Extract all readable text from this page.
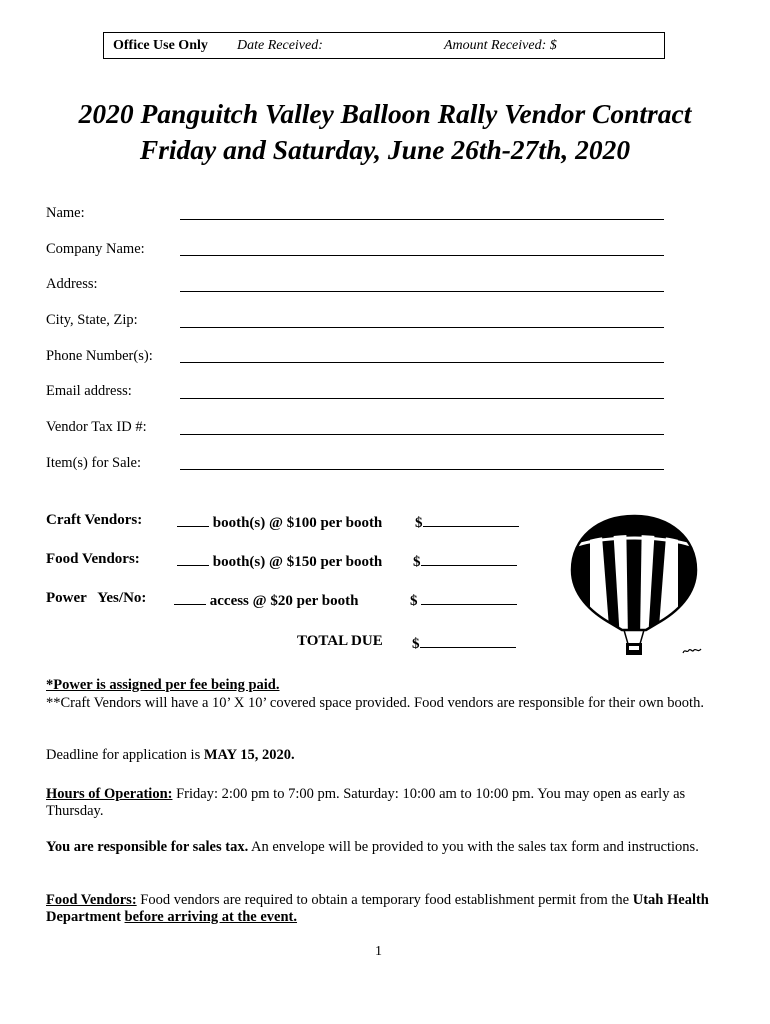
Office Use Only Date Received:	Amount Received: $
2020 Panguitch Valley Balloon Rally Vendor Contract
Friday and Saturday, June 26th-27th, 2020
Name:
Company Name:
Address:
City, State, Zip:
Phone Number(s):
Email address:
Vendor Tax ID #:
Item(s) for Sale:
Craft Vendors:	booth(s) @ $100 per booth $
Food Vendors:	booth(s) @ $150 per booth $
Power   Yes/No:	access @ $20 per booth	$
TOTAL DUE $
*Power is assigned per fee being paid.
**Craft Vendors will have a 10’ X 10’ covered space provided. Food vendors are responsible for their own booth.
Deadline for application is MAY 15, 2020.
Hours of Operation: Friday: 2:00 pm to 7:00 pm. Saturday: 10:00 am to 10:00 pm. You may open as early as Thursday.
You are responsible for sales tax. An envelope will be provided to you with the sales tax form and instructions.
Food Vendors: Food vendors are required to obtain a temporary food establishment permit from the Utah Health Department before arriving at the event.
1
